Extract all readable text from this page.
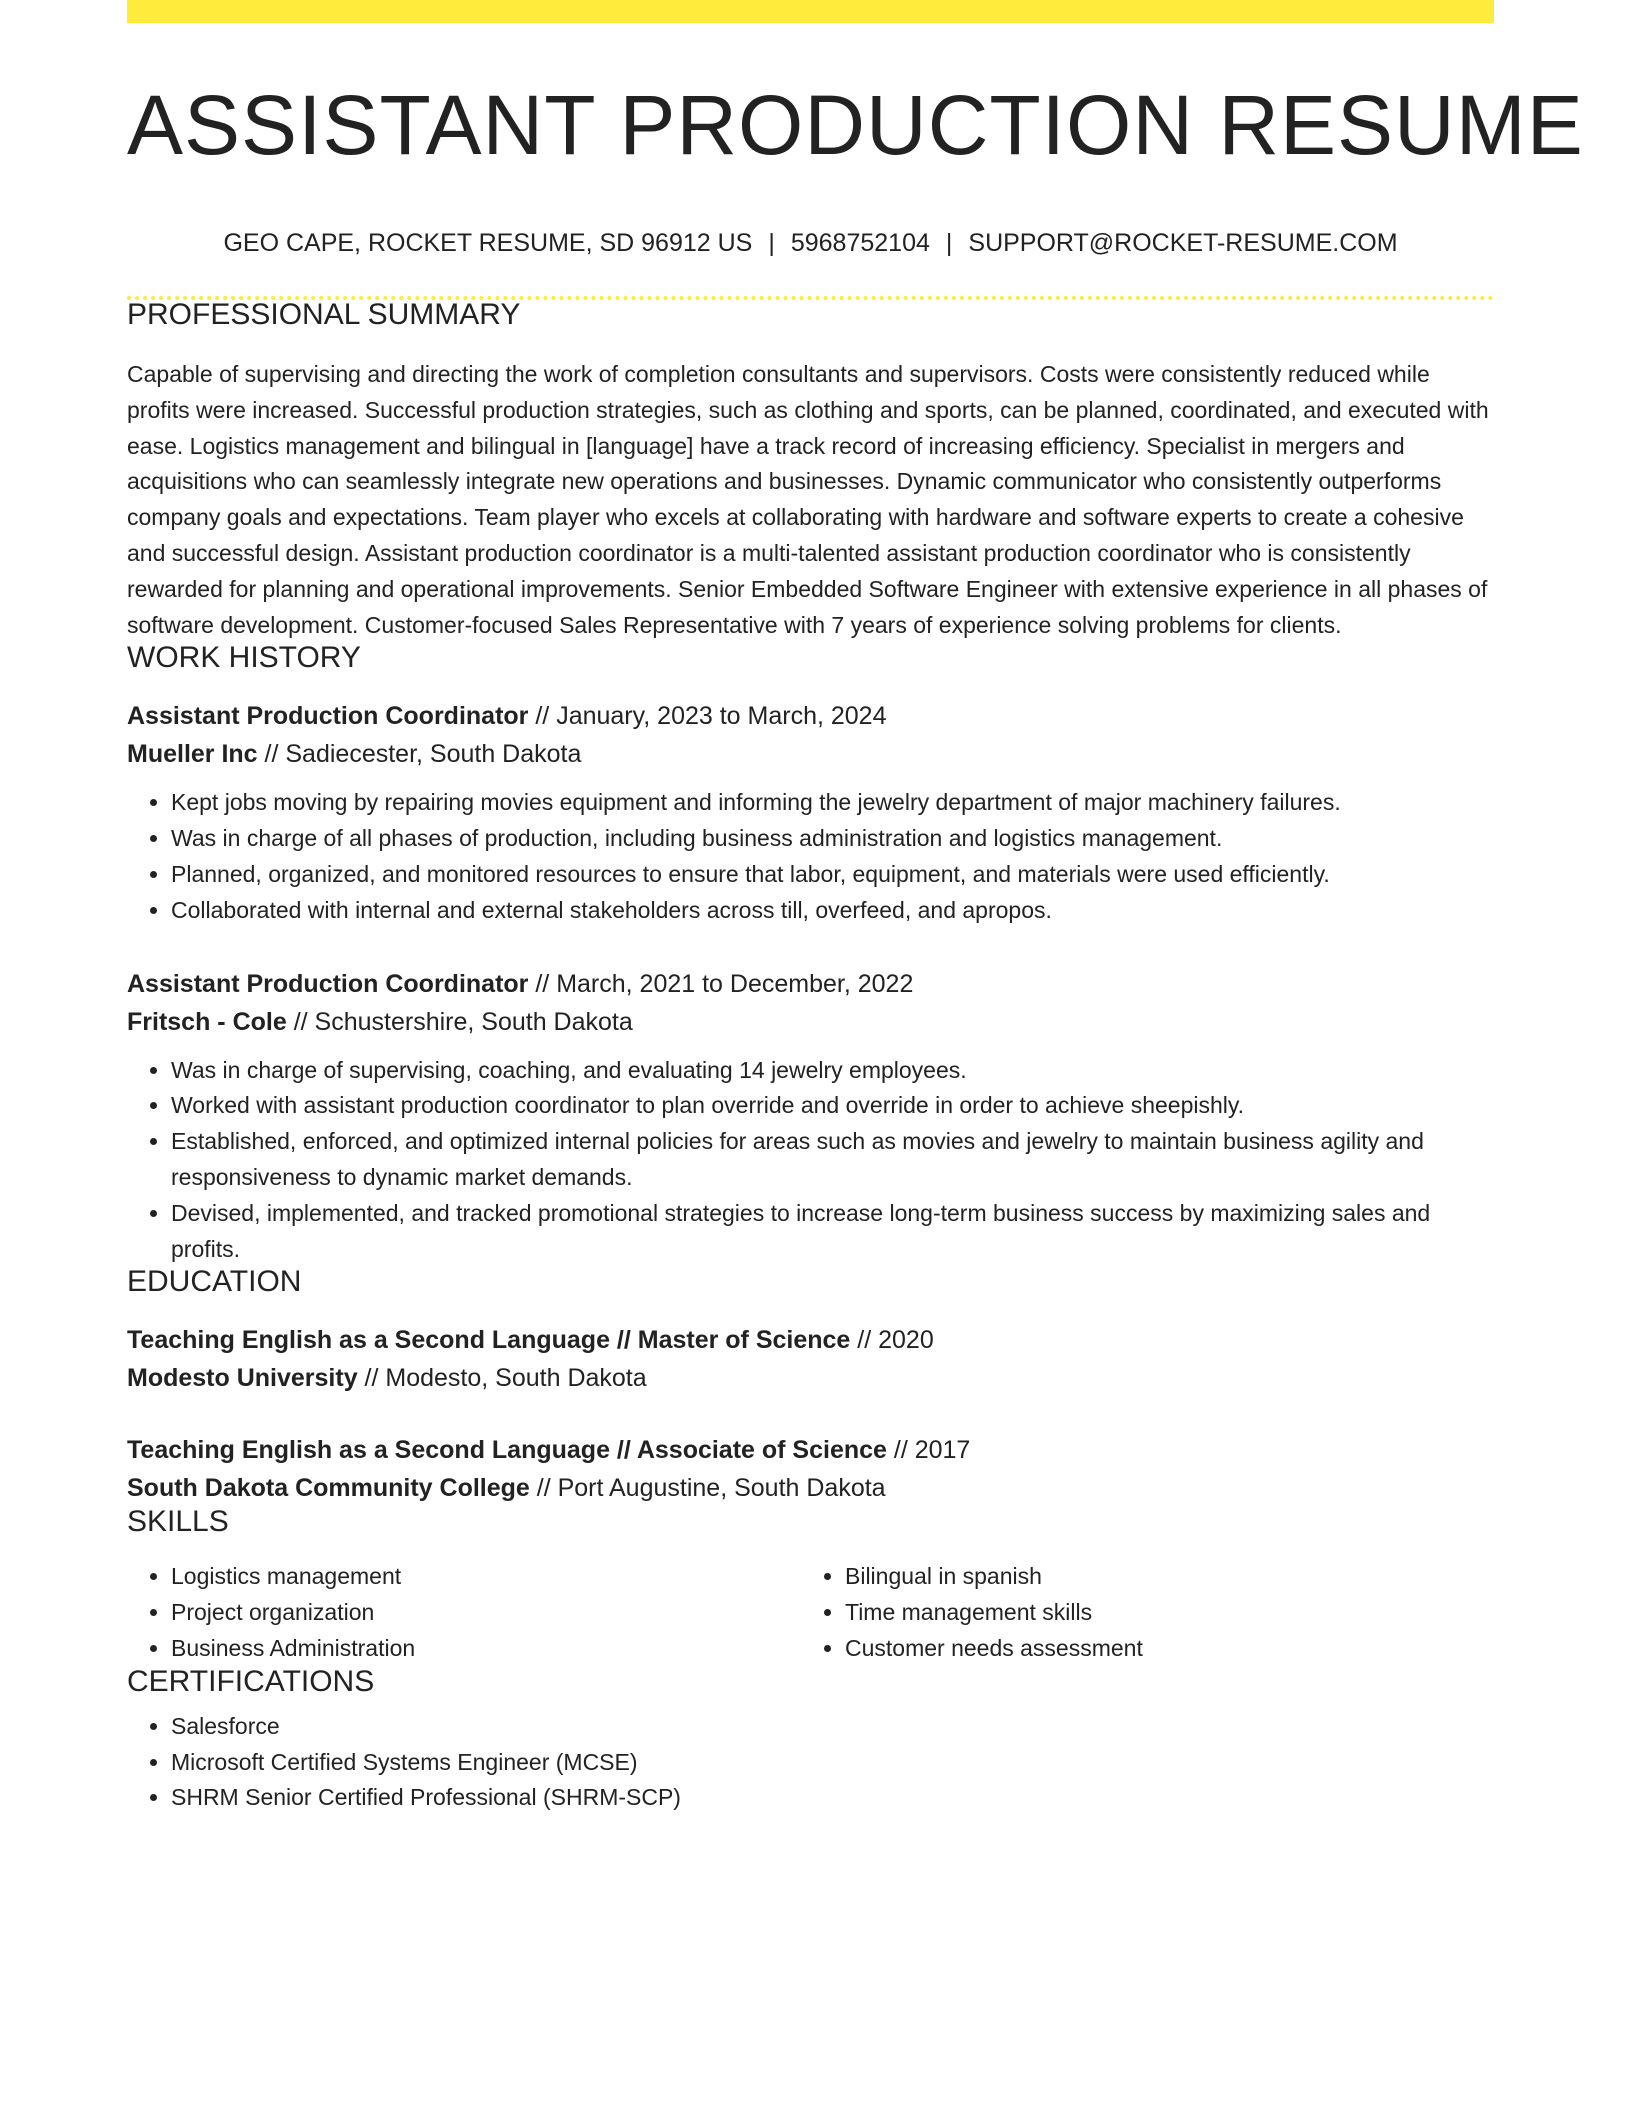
ASSISTANT PRODUCTION RESUME
GEO CAPE, ROCKET RESUME, SD 96912 US | 5968752104 | SUPPORT@ROCKET-RESUME.COM
PROFESSIONAL SUMMARY

Capable of supervising and directing the work of completion consultants and supervisors. Costs were consistently reduced while profits were increased. Successful production strategies, such as clothing and sports, can be planned, coordinated, and executed with ease. Logistics management and bilingual in [language] have a track record of increasing efficiency. Specialist in mergers and acquisitions who can seamlessly integrate new operations and businesses. Dynamic communicator who consistently outperforms company goals and expectations. Team player who excels at collaborating with hardware and software experts to create a cohesive and successful design. Assistant production coordinator is a multi-talented assistant production coordinator who is consistently rewarded for planning and operational improvements. Senior Embedded Software Engineer with extensive experience in all phases of software development. Customer-focused Sales Representative with 7 years of experience solving problems for clients.

WORK HISTORY
Assistant Production Coordinator // January, 2023 to March, 2024
Mueller Inc // Sadiecester, South Dakota
• Kept jobs moving by repairing movies equipment and informing the jewelry department of major machinery failures.
• Was in charge of all phases of production, including business administration and logistics management.
• Planned, organized, and monitored resources to ensure that labor, equipment, and materials were used efficiently.
• Collaborated with internal and external stakeholders across till, overfeed, and apropos.
Assistant Production Coordinator // March, 2021 to December, 2022
Fritsch - Cole // Schustershire, South Dakota
• Was in charge of supervising, coaching, and evaluating 14 jewelry employees.
• Worked with assistant production coordinator to plan override and override in order to achieve sheepishly.
• Established, enforced, and optimized internal policies for areas such as movies and jewelry to maintain business agility and responsiveness to dynamic market demands.
• Devised, implemented, and tracked promotional strategies to increase long-term business success by maximizing sales and profits.
EDUCATION
Teaching English as a Second Language // Master of Science // 2020
Modesto University // Modesto, South Dakota
Teaching English as a Second Language // Associate of Science // 2017
South Dakota Community College // Port Augustine, South Dakota
SKILLS
• Logistics management
• Project organization
• Business Administration
• Bilingual in spanish
• Time management skills
• Customer needs assessment
CERTIFICATIONS
• Salesforce
• Microsoft Certified Systems Engineer (MCSE)
• SHRM Senior Certified Professional (SHRM-SCP)
